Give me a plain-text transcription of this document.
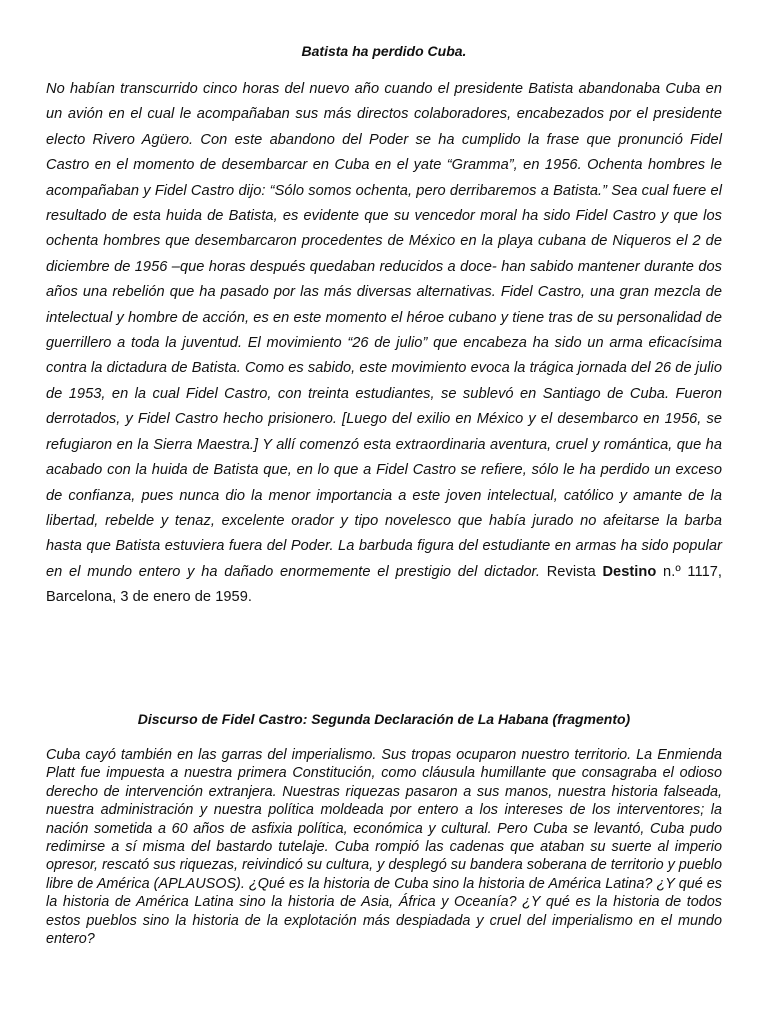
Batista ha perdido Cuba.

No habían transcurrido cinco horas del nuevo año cuando el presidente Batista abandonaba Cuba en un avión en el cual le acompañaban sus más directos colaboradores, encabezados por el presidente electo Rivero Agüero. Con este abandono del Poder se ha cumplido la frase que pronunció Fidel Castro en el momento de desembarcar en Cuba en el yate “Gramma”, en 1956. Ochenta hombres le acompañaban y Fidel Castro dijo: “Sólo somos ochenta, pero derribaremos a Batista.” Sea cual fuere el resultado de esta huida de Batista, es evidente que su vencedor moral ha sido Fidel Castro y que los ochenta hombres que desembarcaron procedentes de México en la playa cubana de Niqueros el 2 de diciembre de 1956 –que horas después quedaban reducidos a doce- han sabido mantener durante dos años una rebelión que ha pasado por las más diversas alternativas. Fidel Castro, una gran mezcla de intelectual y hombre de acción, es en este momento el héroe cubano y tiene tras de su personalidad de guerrillero a toda la juventud. El movimiento “26 de julio” que encabeza ha sido un arma eficacísima contra la dictadura de Batista. Como es sabido, este movimiento evoca la trágica jornada del 26 de julio de 1953, en la cual Fidel Castro, con treinta estudiantes, se sublevó en Santiago de Cuba. Fueron derrotados, y Fidel Castro hecho prisionero. [Luego del exilio en México y el desembarco en 1956, se refugiaron en la Sierra Maestra.] Y allí comenzó esta extraordinaria aventura, cruel y romántica, que ha acabado con la huida de Batista que, en lo que a Fidel Castro se refiere, sólo le ha perdido un exceso de confianza, pues nunca dio la menor importancia a este joven intelectual, católico y amante de la libertad, rebelde y tenaz, excelente orador y tipo novelesco que había jurado no afeitarse la barba hasta que Batista estuviera fuera del Poder. La barbuda figura del estudiante en armas ha sido popular en el mundo entero y ha dañado enormemente el prestigio del dictador. Revista Destino n.º 1117, Barcelona, 3 de enero de 1959.

Discurso de Fidel Castro: Segunda Declaración de La Habana (fragmento)

Cuba cayó también en las garras del imperialismo. Sus tropas ocuparon nuestro territorio. La Enmienda Platt fue impuesta a nuestra primera Constitución, como cláusula humillante que consagraba el odioso derecho de intervención extranjera. Nuestras riquezas pasaron a sus manos, nuestra historia falseada, nuestra administración y nuestra política moldeada por entero a los intereses de los interventores; la nación sometida a 60 años de asfixia política, económica y cultural. Pero Cuba se levantó, Cuba pudo redimirse a sí misma del bastardo tutelaje. Cuba rompió las cadenas que ataban su suerte al imperio opresor, rescató sus riquezas, reivindicó su cultura, y desplegó su bandera soberana de territorio y pueblo libre de América (APLAUSOS). ¿Qué es la historia de Cuba sino la historia de América Latina? ¿Y qué es la historia de América Latina sino la historia de Asia, África y Oceanía? ¿Y qué es la historia de todos estos pueblos sino la historia de la explotación más despiadada y cruel del imperialismo en el mundo entero?
